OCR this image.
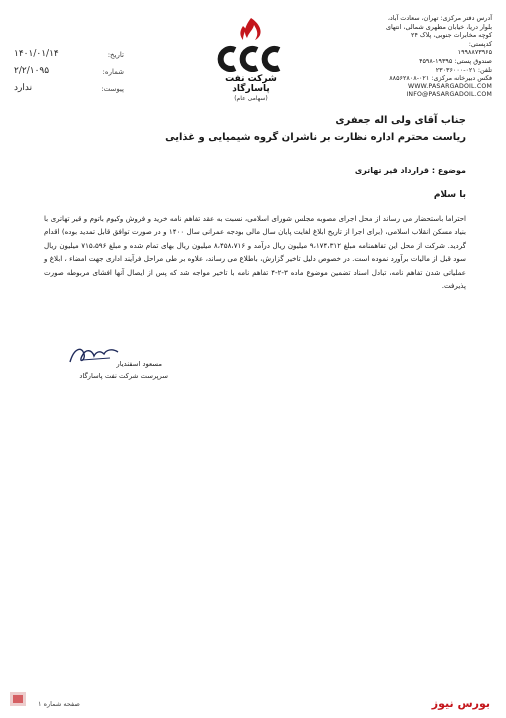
۱۴۰۱/۰۱/۱۴	تاریخ:
۲/۲/۱۰۹۵	شماره:
ندارد	پیوست:
شرکت نفت پاسارگاد
(سهامی عام)
آدرس دفتر مرکزی: تهران، سعادت آباد،
بلوار دریا، خیابان مطهری شمالی، انتهای
کوچه مخابرات جنوبی، پلاک ۲۴
کدپستی:
۱۹۹۸۸۷۳۹۶۵
صندوق پستی: ۱۹۳۹۵-۴۵۹۸
تلفن: ۰۲۱-۲۳۰۳۶۰۰۰
فکس دبیرخانه مرکزی: ۰۲۱-۸۸۵۶۲۸۰۸
WWW.PASARGADOIL.COM
INFO@PASARGADOIL.COM
جناب آقای ولی اله جعفری
ریاست محترم اداره نظارت بر ناشران گروه شیمیایی و غذایی
موضوع : قرارداد قیر تهاتری
با سلام
احتراما باستحضار می رساند از محل اجرای مصوبه مجلس شورای اسلامی، نسبت به عقد تفاهم نامه خرید و فروش وکیوم باتوم و قیر تهاتری با بنیاد مسکن انقلاب اسلامی، (برای اجرا از تاریخ ابلاغ لغایت پایان سال مالی بودجه عمرانی سال ۱۴۰۰ و در صورت توافق قابل تمدید بوده) اقدام گردید. شرکت از محل این تفاهمنامه مبلغ ۹،۱۷۴،۳۱۲ میلیون ریال درآمد و ۸،۴۵۸،۷۱۶ میلیون ریال بهای تمام شده و مبلغ ۷۱۵،۵۹۶ میلیون ریال سود قبل از مالیات برآورد نموده است. در خصوص دلیل تاخیر گزارش، باطلاع می رساند، علاوه بر طی مراحل فرآیند اداری جهت امضاء ، ابلاغ و عملیاتی شدن تفاهم نامه، تبادل اسناد تضمین موضوع ماده ۳-۲-۴ تفاهم نامه با تاخیر مواجه شد که پس از ایصال آنها افشای مربوطه صورت پذیرفت.
مسعود اسفندیار
سرپرست شرکت نفت پاسارگاد
صفحه شماره ۱	بورس نیوز
